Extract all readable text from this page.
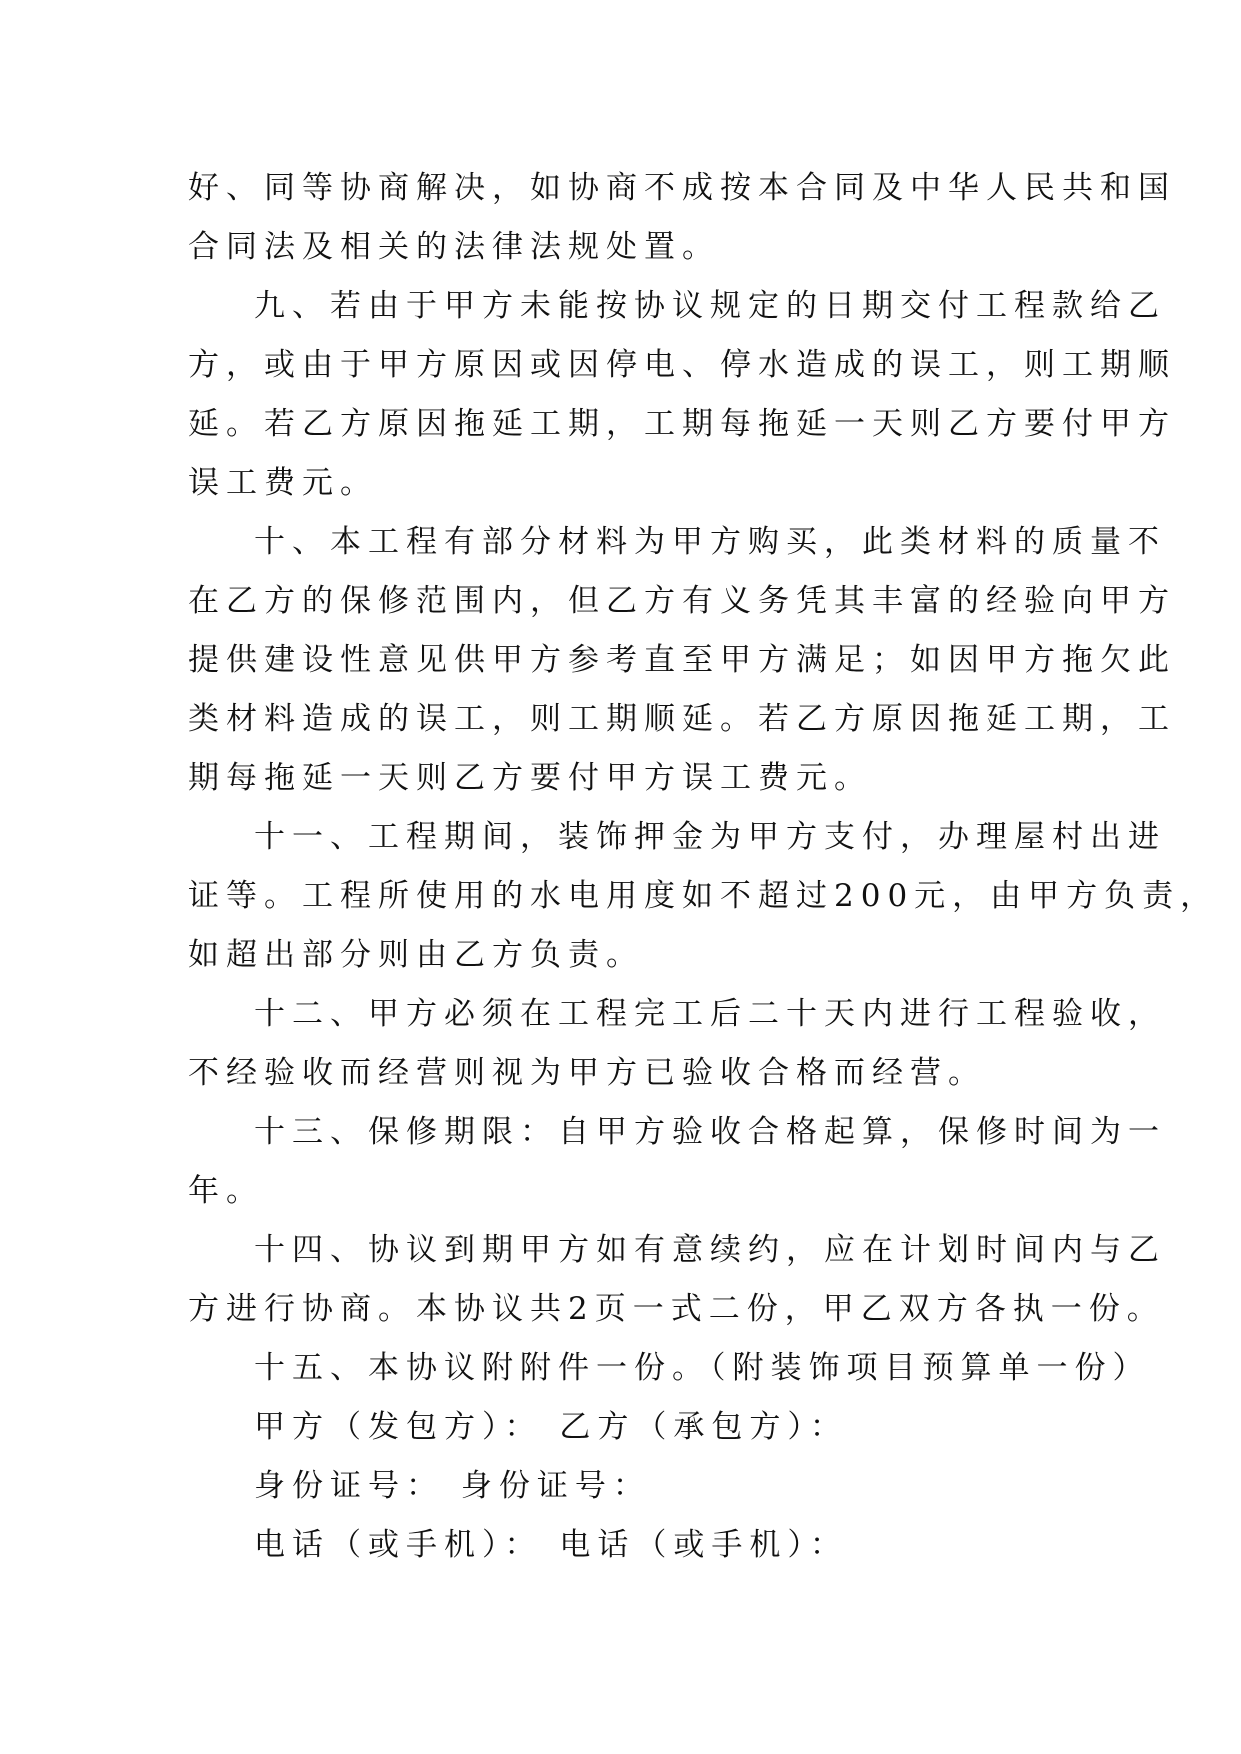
好、同等协商解决，如协商不成按本合同及中华人民共和国
合同法及相关的法律法规处置。
九、若由于甲方未能按协议规定的日期交付工程款给乙
方，或由于甲方原因或因停电、停水造成的误工，则工期顺
延。若乙方原因拖延工期，工期每拖延一天则乙方要付甲方
误工费元。
十、本工程有部分材料为甲方购买，此类材料的质量不
在乙方的保修范围内，但乙方有义务凭其丰富的经验向甲方
提供建设性意见供甲方参考直至甲方满足；如因甲方拖欠此
类材料造成的误工，则工期顺延。若乙方原因拖延工期，工
期每拖延一天则乙方要付甲方误工费元。
十一、工程期间，装饰押金为甲方支付，办理屋村出进
证等。工程所使用的水电用度如不超过200元，由甲方负责，
如超出部分则由乙方负责。
十二、甲方必须在工程完工后二十天内进行工程验收，
不经验收而经营则视为甲方已验收合格而经营。
十三、保修期限：自甲方验收合格起算，保修时间为一
年。
十四、协议到期甲方如有意续约，应在计划时间内与乙
方进行协商。本协议共2页一式二份，甲乙双方各执一份。
十五、本协议附附件一份。（附装饰项目预算单一份）
甲方（发包方）： 乙方（承包方）：
身份证号： 身份证号：
电话（或手机）： 电话（或手机）：
